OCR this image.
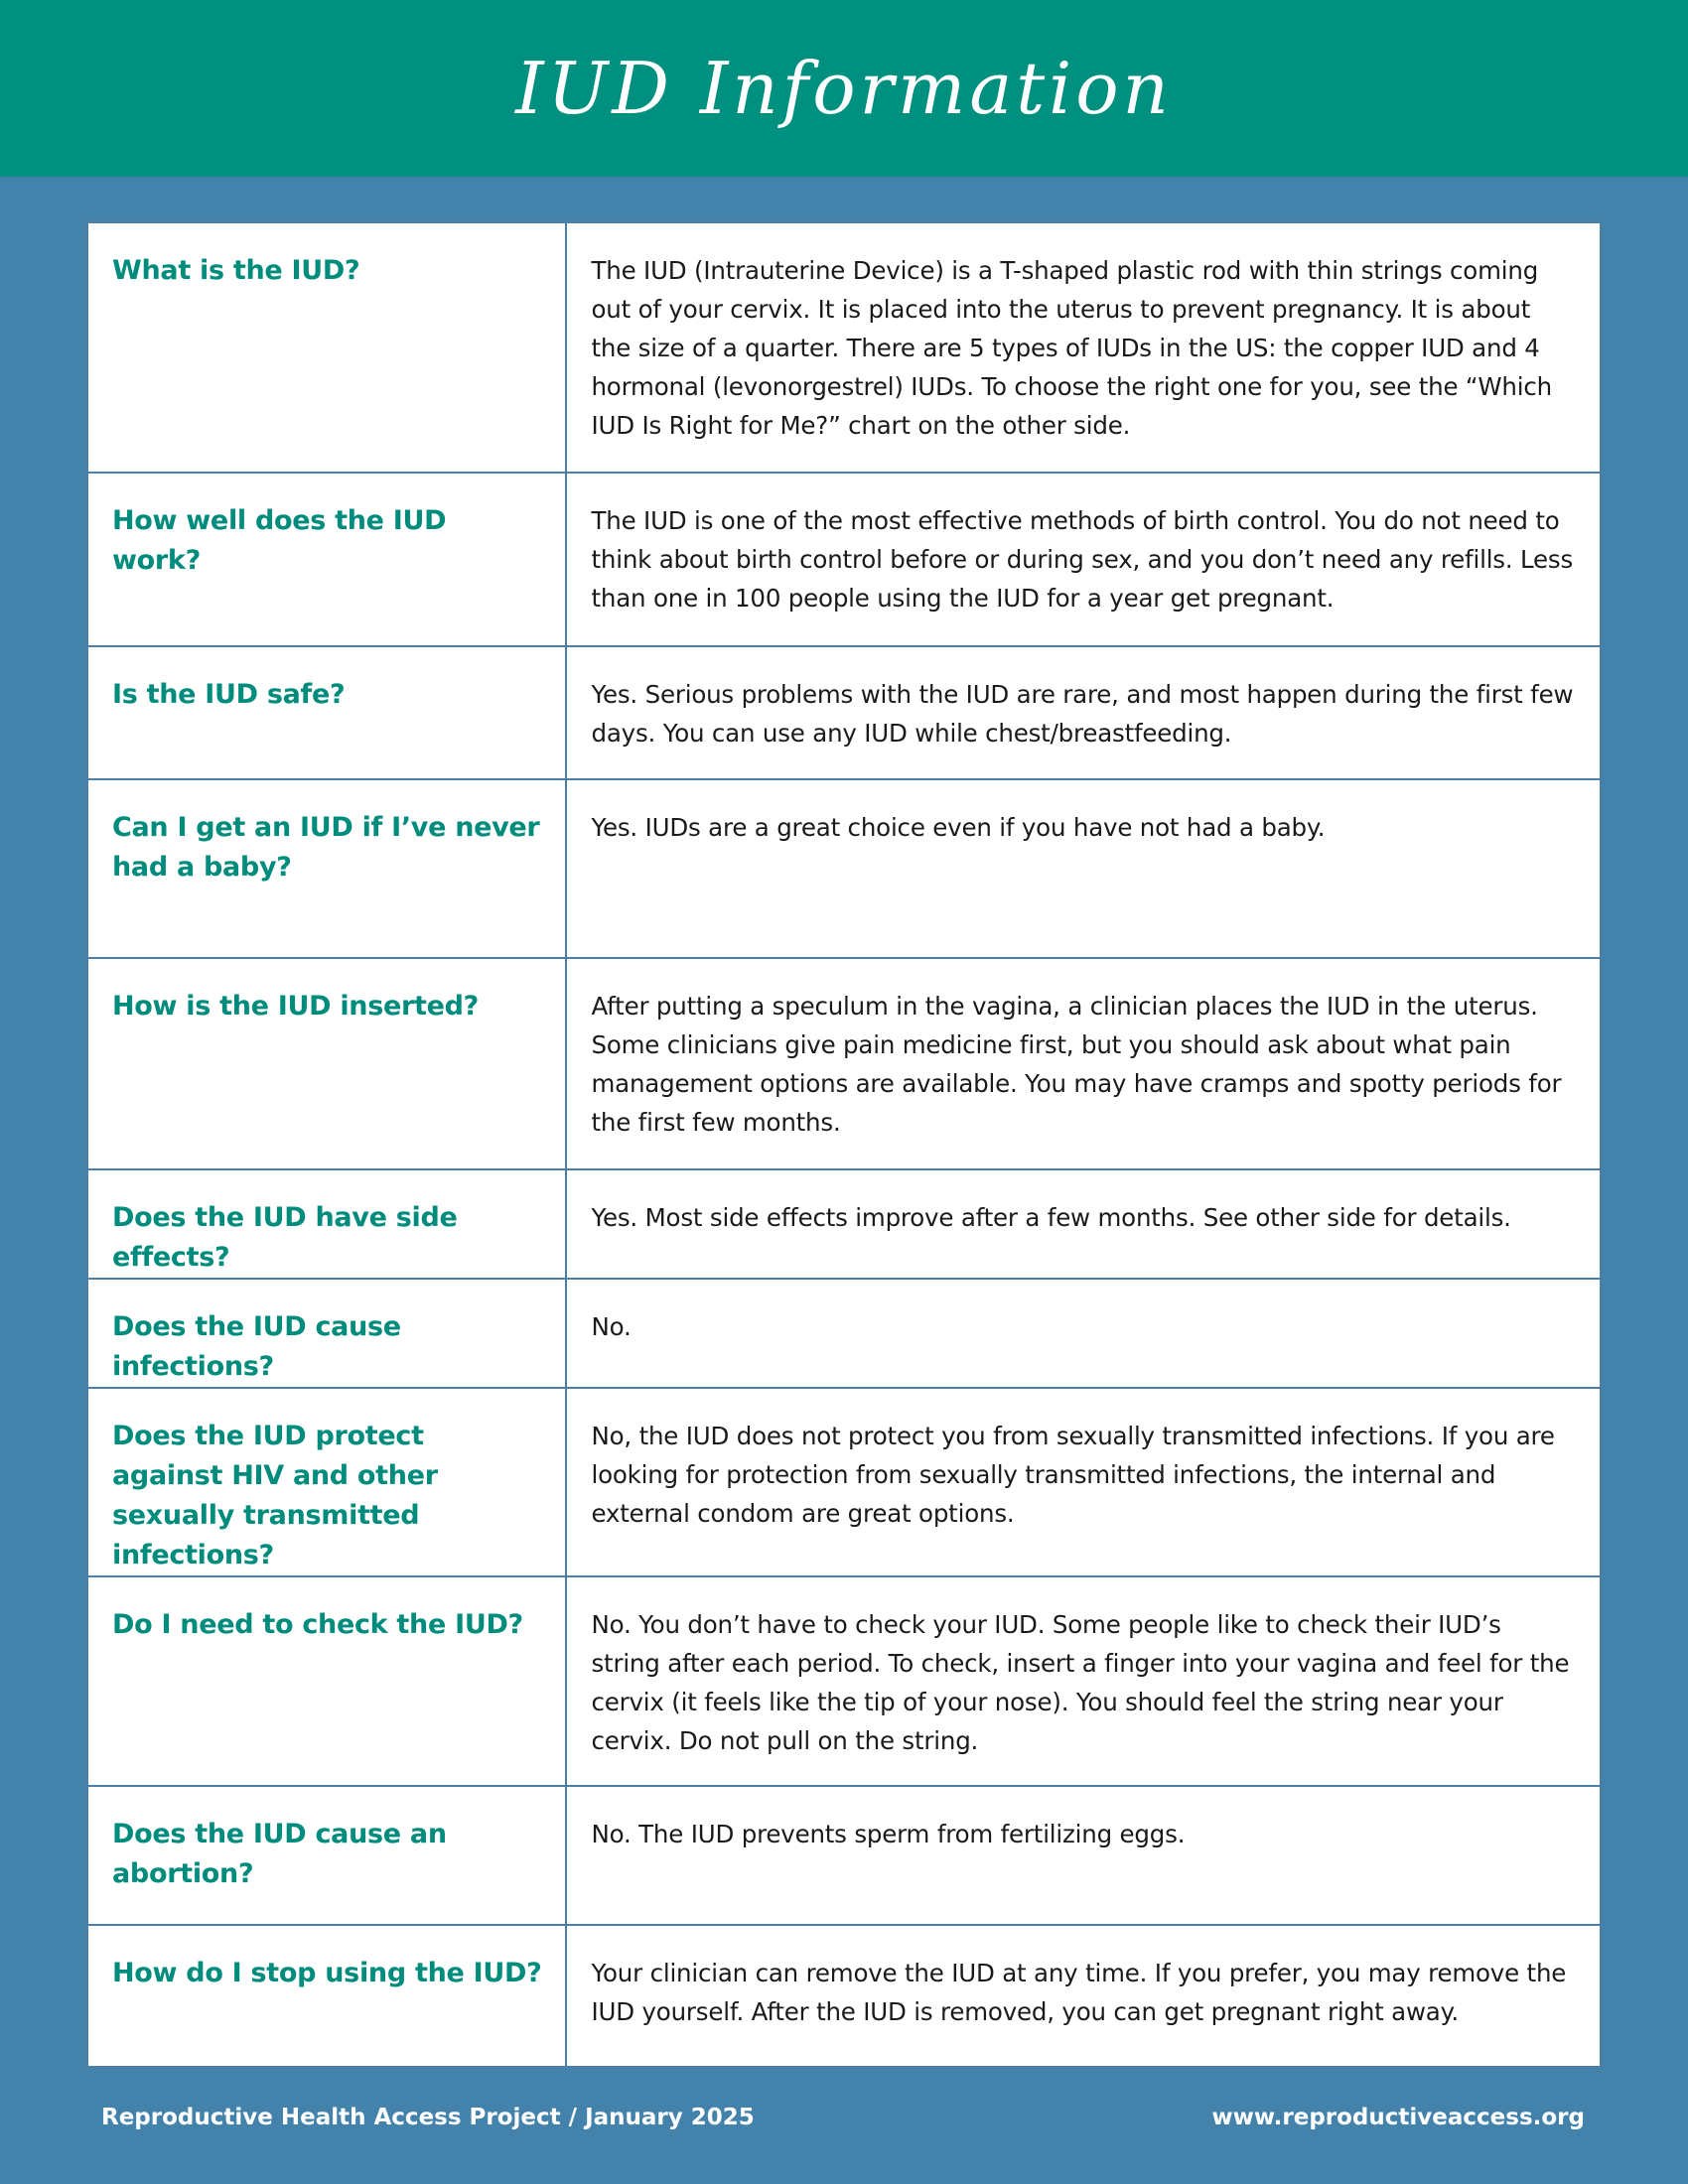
IUD Information
What is the IUD?	The IUD (Intrauterine Device) is a T-shaped plastic rod with thin strings coming out of your cervix. It is placed into the uterus to prevent pregnancy. It is about the size of a quarter. There are 5 types of IUDs in the US: the copper IUD and 4 hormonal (levonorgestrel) IUDs. To choose the right one for you, see the “Which IUD Is Right for Me?” chart on the other side.

How well does the IUD work?	The IUD is one of the most effective methods of birth control. You do not need to think about birth control before or during sex, and you don’t need any refills. Less than one in 100 people using the IUD for a year get pregnant.

Is the IUD safe?	Yes. Serious problems with the IUD are rare, and most happen during the first few days. You can use any IUD while chest/breastfeeding.

Can I get an IUD if I’ve never had a baby?	Yes. IUDs are a great choice even if you have not had a baby.

How is the IUD inserted?	After putting a speculum in the vagina, a clinician places the IUD in the uterus. Some clinicians give pain medicine first, but you should ask about what pain management options are available. You may have cramps and spotty periods for the first few months.

Does the IUD have side effects?	Yes. Most side effects improve after a few months. See other side for details.

Does the IUD cause infections?	No.

Does the IUD protect against HIV and other sexually transmitted infections?	No, the IUD does not protect you from sexually transmitted infections. If you are looking for protection from sexually transmitted infections, the internal and external condom are great options.

Do I need to check the IUD?	No. You don’t have to check your IUD. Some people like to check their IUD’s string after each period. To check, insert a finger into your vagina and feel for the cervix (it feels like the tip of your nose). You should feel the string near your cervix. Do not pull on the string.

Does the IUD cause an abortion?	No. The IUD prevents sperm from fertilizing eggs.

How do I stop using the IUD?	Your clinician can remove the IUD at any time. If you prefer, you may remove the IUD yourself. After the IUD is removed, you can get pregnant right away.
Reproductive Health Access Project / January 2025	www.reproductiveaccess.org
